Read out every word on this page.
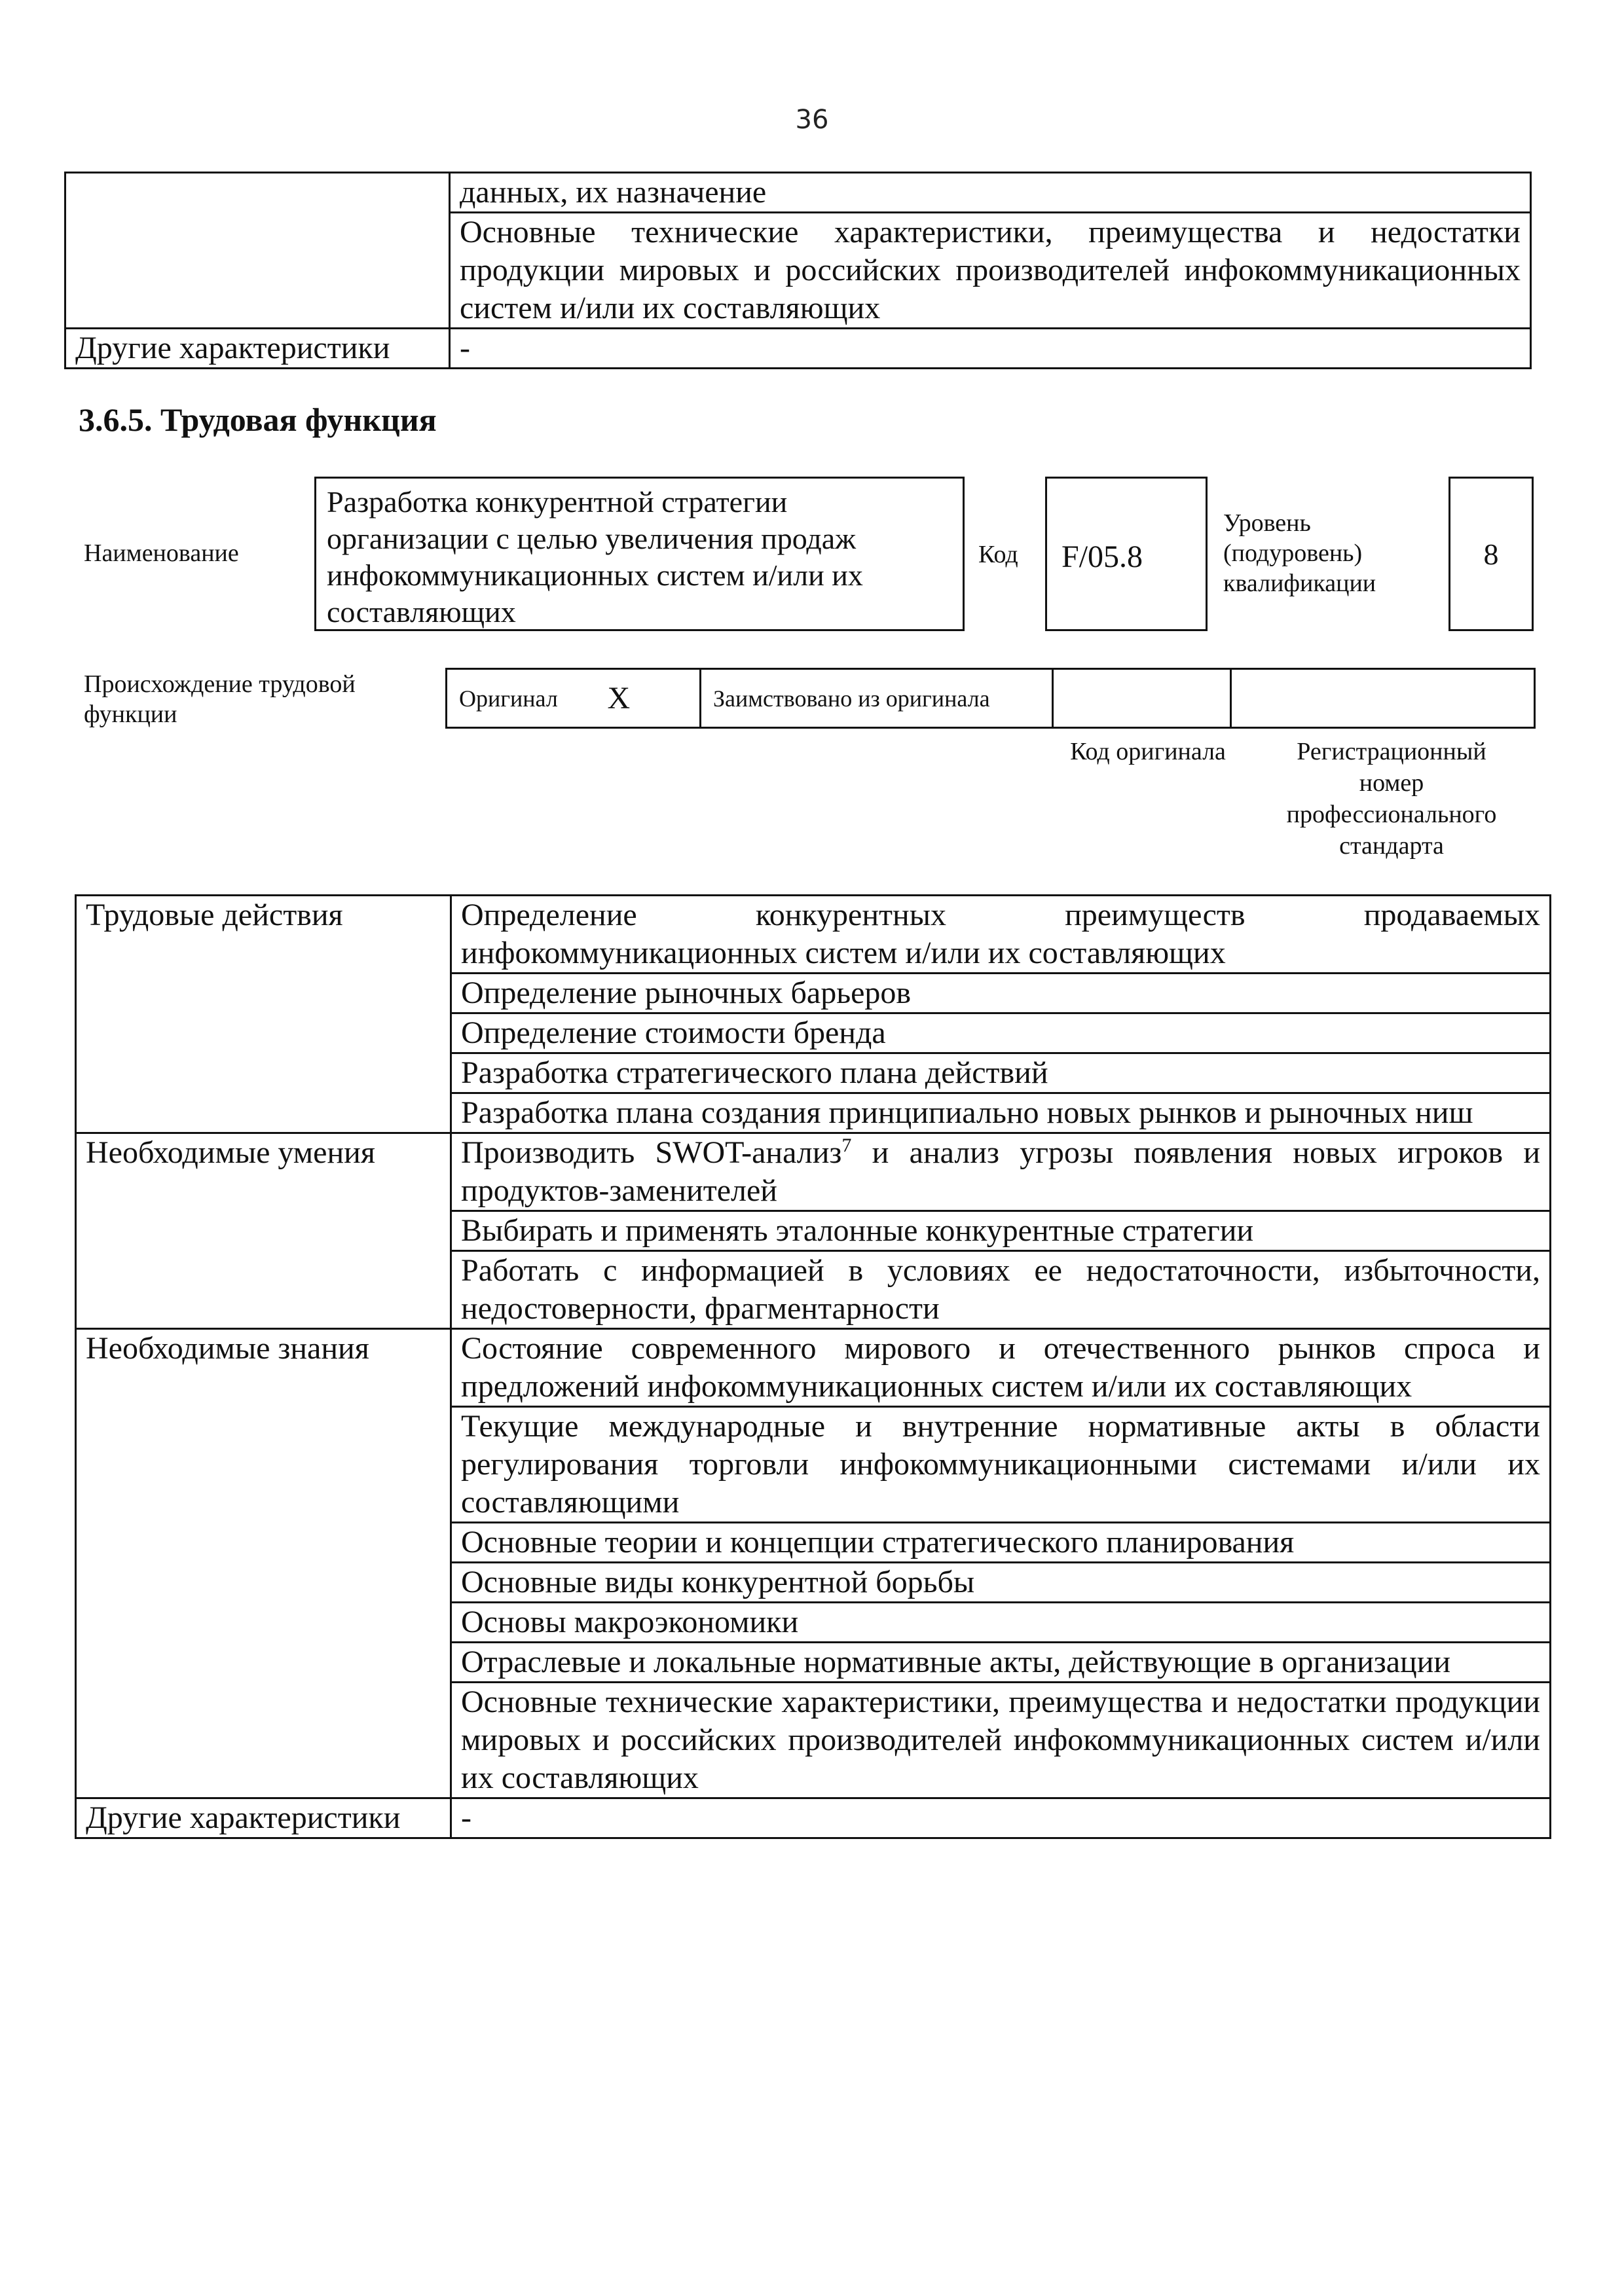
36
	данных, их назначение
	Основные технические характеристики, преимущества и недостатки продукции мировых и российских производителей инфокоммуникационных систем и/или их составляющих
Другие характеристики	-
3.6.5. Трудовая функция
Наименование
Разработка конкурентной стратегии организации с целью увеличения продаж инфокоммуникационных систем и/или их составляющих
Код F/05.8
Уровень (подуровень) квалификации
8
Происхождение трудовой функции
Оригинал	X	Заимствовано из оригинала		
Код оригинала	Регистрационный номер профессионального стандарта
Трудовые действия	Определение конкурентных преимуществ продаваемых инфокоммуникационных систем и/или их составляющих
	Определение рыночных барьеров
	Определение стоимости бренда
	Разработка стратегического плана действий
	Разработка плана создания принципиально новых рынков и рыночных ниш
Необходимые умения	Производить SWOT-анализ$^7$ и анализ угрозы появления новых игроков и продуктов-заменителей
	Выбирать и применять эталонные конкурентные стратегии
	Работать с информацией в условиях ее недостаточности, избыточности, недостоверности, фрагментарности
Необходимые знания	Состояние современного мирового и отечественного рынков спроса и предложений инфокоммуникационных систем и/или их составляющих
	Текущие международные и внутренние нормативные акты в области регулирования торговли инфокоммуникационными системами и/или их составляющими
	Основные теории и концепции стратегического планирования
	Основные виды конкурентной борьбы
	Основы макроэкономики
	Отраслевые и локальные нормативные акты, действующие в организации
	Основные технические характеристики, преимущества и недостатки продукции мировых и российских производителей инфокоммуникационных систем и/или их составляющих
Другие характеристики	-
